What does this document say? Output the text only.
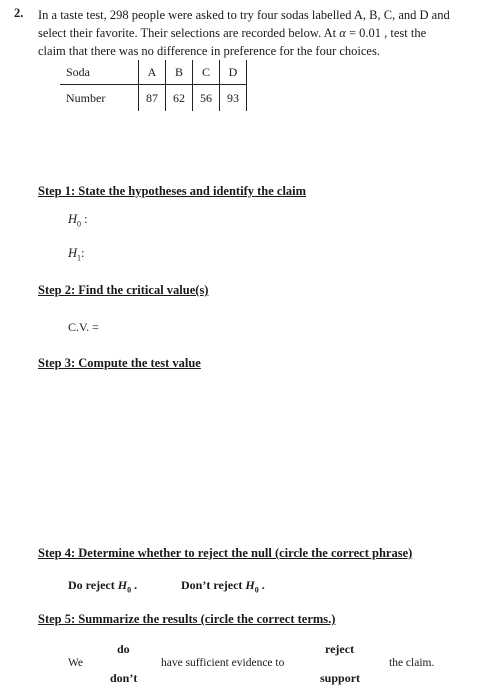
2. In a taste test, 298 people were asked to try four sodas labelled A, B, C, and D and
select their favorite. Their selections are recorded below. At α = 0.01 , test the
claim that there was no difference in preference for the four choices.
Soda	A	B	C	D
Number	87	62	56	93
Step 1: State the hypotheses and identify the claim
$H_0$ :
$H_1$:
Step 2: Find the critical value(s)
C.V. =
Step 3: Compute the test value
Step 4: Determine whether to reject the null (circle the correct phrase)
Do reject $H_0$ .	Don’t reject $H_0$ .
Step 5: Summarize the results (circle the correct terms.)
do
We
don’t
have sufficient evidence to
reject
support
the claim.
